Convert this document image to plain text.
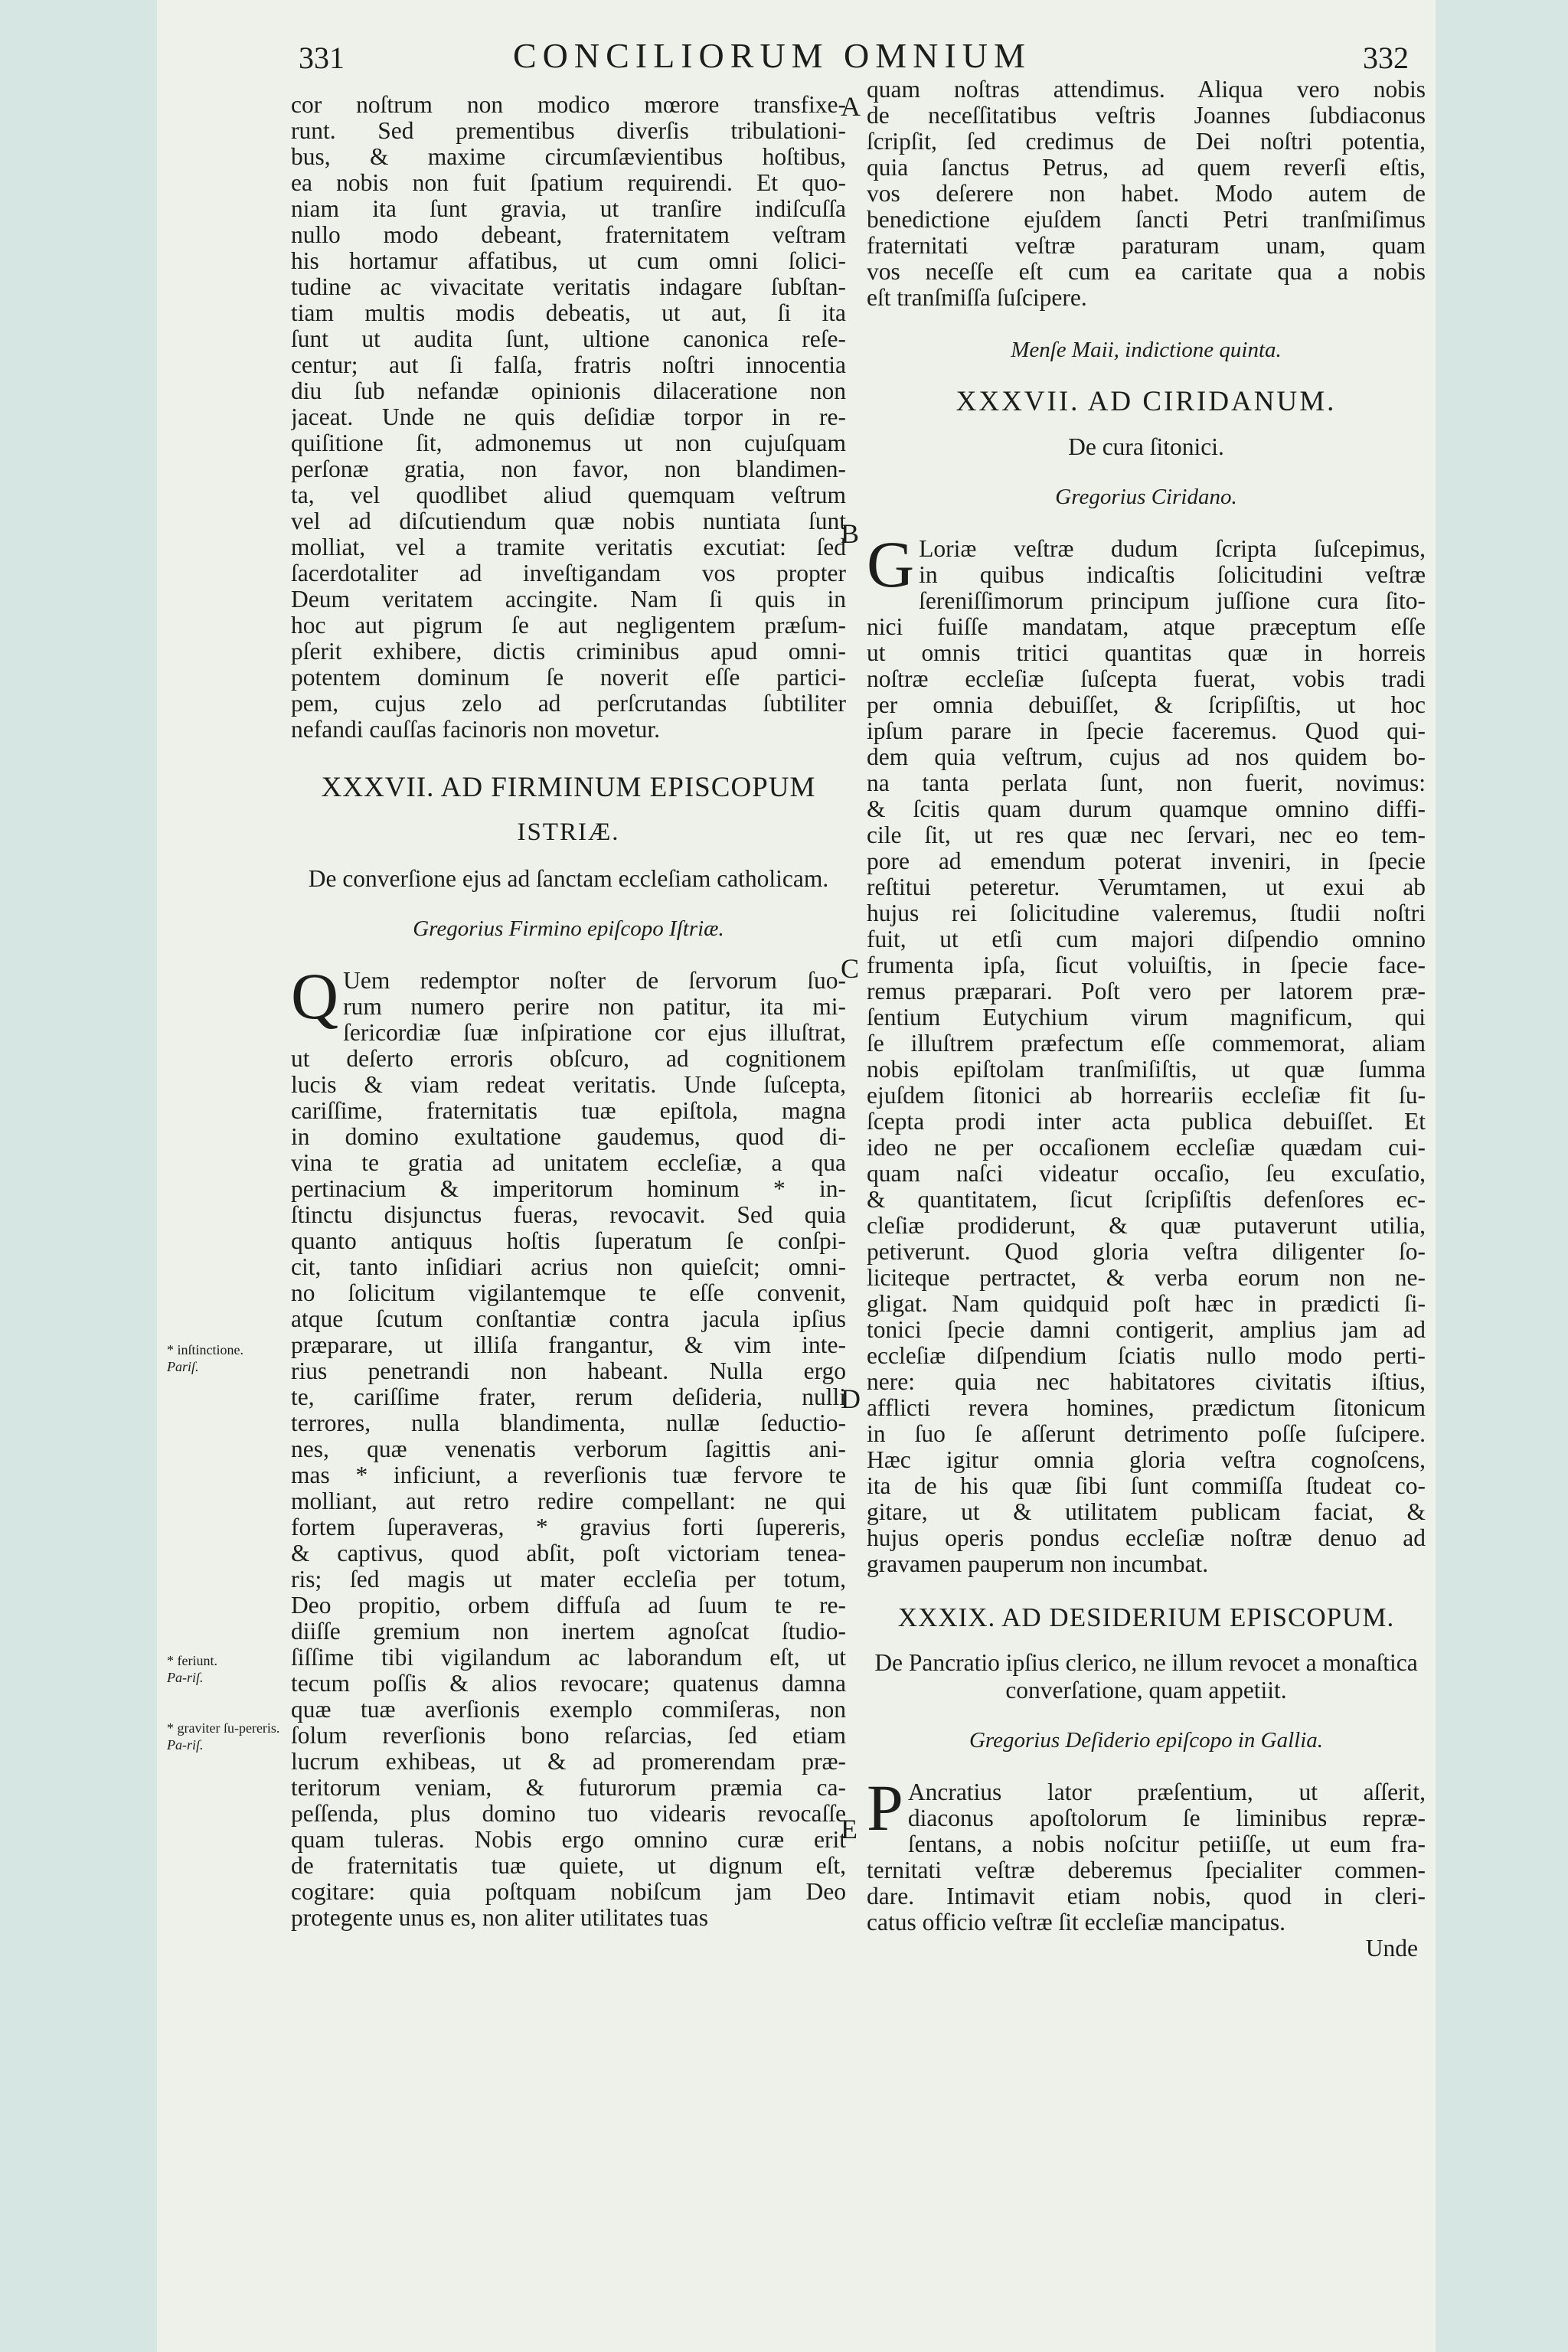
331	CONCILIORUM OMNIUM	332
cor noſtrum non modico mœrore transfixe-
runt. Sed prementibus diverſis tribulationi-
bus, & maxime circumſævientibus hoſtibus,
ea nobis non fuit ſpatium requirendi. Et quo-
niam ita ſunt gravia, ut tranſire indiſcuſſa
nullo modo debeant, fraternitatem veſtram
his hortamur affatibus, ut cum omni ſolici-
tudine ac vivacitate veritatis indagare ſubſtan-
tiam multis modis debeatis, ut aut, ſi ita
ſunt ut audita ſunt, ultione canonica reſe-
centur; aut ſi falſa, fratris noſtri innocentia
diu ſub nefandæ opinionis dilaceratione non
jaceat. Unde ne quis deſidiæ torpor in re-
quiſitione ſit, admonemus ut non cujuſquam
perſonæ gratia, non favor, non blandimen-
ta, vel quodlibet aliud quemquam veſtrum
vel ad diſcutiendum quæ nobis nuntiata ſunt
molliat, vel a tramite veritatis excutiat: ſed
ſacerdotaliter ad inveſtigandam vos propter
Deum veritatem accingite. Nam ſi quis in
hoc aut pigrum ſe aut negligentem præſum-
pſerit exhibere, dictis criminibus apud omni-
potentem dominum ſe noverit eſſe partici-
pem, cujus zelo ad perſcrutandas ſubtiliter
nefandi cauſſas facinoris non movetur.
XXXVII. AD FIRMINUM EPISCOPUM
ISTRIÆ.
De converſione ejus ad ſanctam eccleſiam catholicam.
Gregorius Firmino epiſcopo Iſtriæ.
Q Uem redemptor noſter de ſervorum ſuo-
rum numero perire non patitur, ita mi-
ſericordiæ ſuæ inſpiratione cor ejus illuſtrat,
ut deſerto erroris obſcuro, ad cognitionem
lucis & viam redeat veritatis. Unde ſuſcepta,
cariſſime, fraternitatis tuæ epiſtola, magna
in domino exultatione gaudemus, quod di-
vina te gratia ad unitatem eccleſiæ, a qua
pertinacium & imperitorum hominum * in-
ſtinctu disjunctus fueras, revocavit. Sed quia
quanto antiquus hoſtis ſuperatum ſe conſpi-
cit, tanto inſidiari acrius non quieſcit; omni-
no ſolicitum vigilantemque te eſſe convenit,
atque ſcutum conſtantiæ contra jacula ipſius
præparare, ut illiſa frangantur, & vim inte-
rius penetrandi non habeant. Nulla ergo
te, cariſſime frater, rerum deſideria, nulli
terrores, nulla blandimenta, nullæ ſeductio-
nes, quæ venenatis verborum ſagittis ani-
mas * inficiunt, a reverſionis tuæ fervore te
molliant, aut retro redire compellant: ne qui
fortem ſuperaveras, * gravius forti ſupereris,
& captivus, quod abſit, poſt victoriam tenea-
ris; ſed magis ut mater eccleſia per totum,
Deo propitio, orbem diffuſa ad ſuum te re-
diiſſe gremium non inertem agnoſcat ſtudio-
ſiſſime tibi vigilandum ac laborandum eſt, ut
tecum poſſis & alios revocare; quatenus damna
quæ tuæ averſionis exemplo commiſeras, non
ſolum reverſionis bono reſarcias, ſed etiam
lucrum exhibeas, ut & ad promerendam præ-
teritorum veniam, & futurorum præmia ca-
peſſenda, plus domino tuo videaris revocaſſe
quam tuleras. Nobis ergo omnino curæ erit
de fraternitatis tuæ quiete, ut dignum eſt,
cogitare: quia poſtquam nobiſcum jam Deo
protegente unus es, non aliter utilitates tuas
quam noſtras attendimus. Aliqua vero nobis
de neceſſitatibus veſtris Joannes ſubdiaconus
ſcripſit, ſed credimus de Dei noſtri potentia,
quia ſanctus Petrus, ad quem reverſi eſtis,
vos deſerere non habet. Modo autem de
benedictione ejuſdem ſancti Petri tranſmiſimus
fraternitati veſtræ paraturam unam, quam
vos neceſſe eſt cum ea caritate qua a nobis
eſt tranſmiſſa ſuſcipere.
Menſe Maii, indictione quinta.
XXXVII. AD CIRIDANUM.
De cura ſitonici.
Gregorius Ciridano.
G Loriæ veſtræ dudum ſcripta ſuſcepimus,
in quibus indicaſtis ſolicitudini veſtræ
ſereniſſimorum principum juſſione cura ſito-
nici fuiſſe mandatam, atque præceptum eſſe
ut omnis tritici quantitas quæ in horreis
noſtræ eccleſiæ ſuſcepta fuerat, vobis tradi
per omnia debuiſſet, & ſcripſiſtis, ut hoc
ipſum parare in ſpecie faceremus. Quod qui-
dem quia veſtrum, cujus ad nos quidem bo-
na tanta perlata ſunt, non fuerit, novimus:
& ſcitis quam durum quamque omnino diffi-
cile ſit, ut res quæ nec ſervari, nec eo tem-
pore ad emendum poterat inveniri, in ſpecie
reſtitui peteretur. Verumtamen, ut exui ab
hujus rei ſolicitudine valeremus, ſtudii noſtri
fuit, ut etſi cum majori diſpendio omnino
frumenta ipſa, ſicut voluiſtis, in ſpecie face-
remus præparari. Poſt vero per latorem præ-
ſentium Eutychium virum magnificum, qui
ſe illuſtrem præfectum eſſe commemorat, aliam
nobis epiſtolam tranſmiſiſtis, ut quæ ſumma
ejuſdem ſitonici ab horreariis eccleſiæ fit ſu-
ſcepta prodi inter acta publica debuiſſet. Et
ideo ne per occaſionem eccleſiæ quædam cui-
quam naſci videatur occaſio, ſeu excuſatio,
& quantitatem, ſicut ſcripſiſtis defenſores ec-
cleſiæ prodiderunt, & quæ putaverunt utilia,
petiverunt. Quod gloria veſtra diligenter ſo-
liciteque pertractet, & verba eorum non ne-
gligat. Nam quidquid poſt hæc in prædicti ſi-
tonici ſpecie damni contigerit, amplius jam ad
eccleſiæ diſpendium ſciatis nullo modo perti-
nere: quia nec habitatores civitatis iſtius,
afflicti revera homines, prædictum ſitonicum
in ſuo ſe aſſerunt detrimento poſſe ſuſcipere.
Hæc igitur omnia gloria veſtra cognoſcens,
ita de his quæ ſibi ſunt commiſſa ſtudeat co-
gitare, ut & utilitatem publicam faciat, &
hujus operis pondus eccleſiæ noſtræ denuo ad
gravamen pauperum non incumbat.
XXXIX. AD DESIDERIUM EPISCOPUM.
De Pancratio ipſius clerico, ne illum revocet a monaſtica converſatione, quam appetiit.
Gregorius Deſiderio epiſcopo in Gallia.
P Ancratius lator præſentium, ut aſſerit,
diaconus apoſtolorum ſe liminibus repræ-
ſentans, a nobis noſcitur petiiſſe, ut eum fra-
ternitati veſtræ deberemus ſpecialiter commen-
dare. Intimavit etiam nobis, quod in cleri-
catus officio veſtræ ſit eccleſiæ mancipatus.
Unde
A
B
C
D
E
* inſtinctione.
Pariſ.
* feriunt.
Pa-riſ.
* graviter ſu-pereris.
Pa-riſ.
